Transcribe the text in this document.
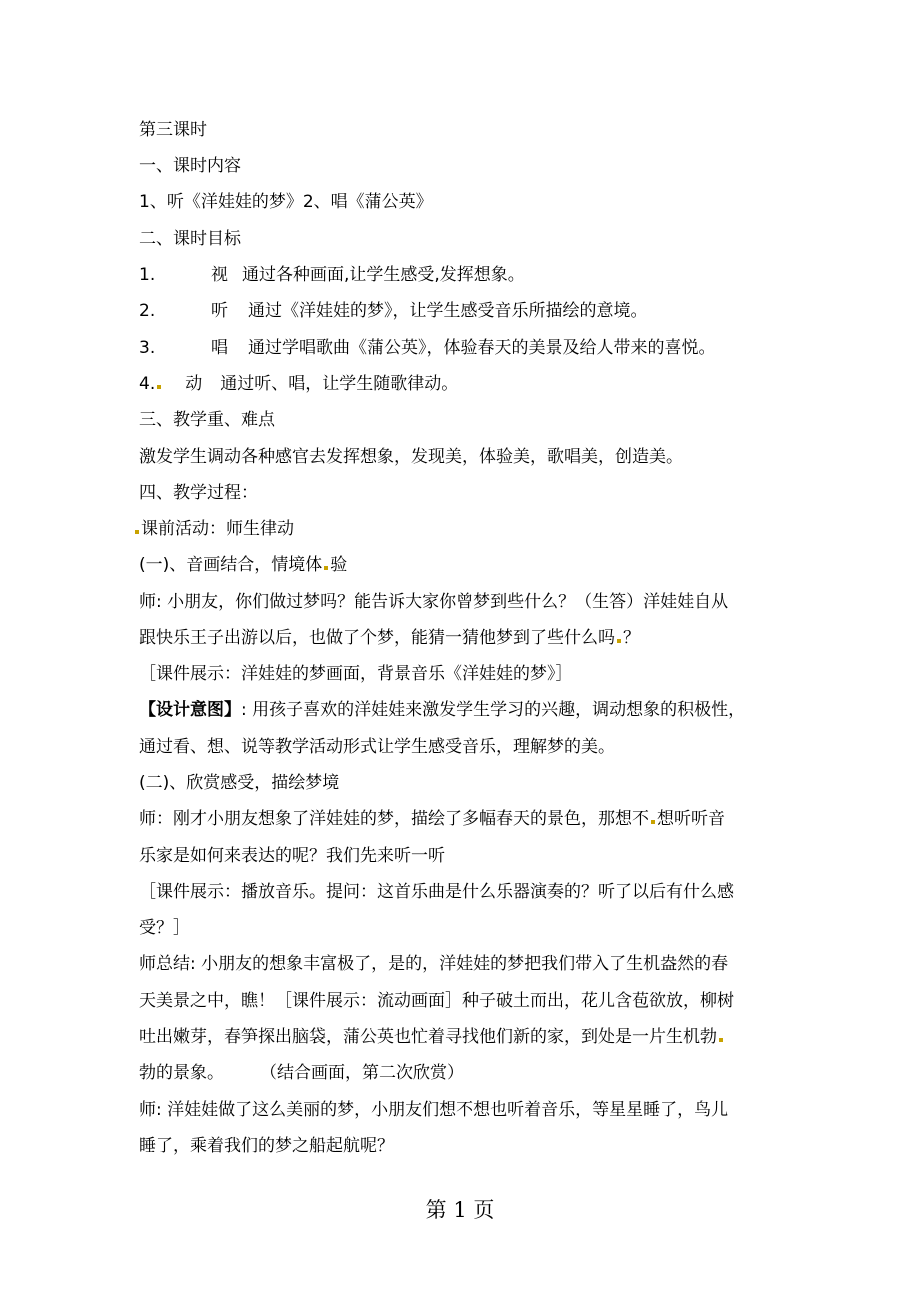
第三课时
一、课时内容
1、听《洋娃娃的梦》2、唱《蒲公英》
二、课时目标
1.	视 通过各种画面,让学生感受,发挥想象。
2.	听 通过《洋娃娃的梦》，让学生感受音乐所描绘的意境。
3.	唱 通过学唱歌曲《蒲公英》，体验春天的美景及给人带来的喜悦。
4. 动 通过听、唱，让学生随歌律动。
三、教学重、难点
激发学生调动各种感官去发挥想象，发现美，体验美，歌唱美，创造美。
四、教学过程：
课前活动：师生律动
(一)、音画结合，情境体 验
师: 小朋友，你们做过梦吗？能告诉大家你曾梦到些什么？（生答）洋娃娃自从
跟快乐王子出游以后，也做了个梦，能猜一猜他梦到了些什么吗 ？
［课件展示：洋娃娃的梦画面，背景音乐《洋娃娃的梦》］
【设计意图】: 用孩子喜欢的洋娃娃来激发学生学习的兴趣，调动想象的积极性，
通过看、想、说等教学活动形式让学生感受音乐，理解梦的美。
(二)、欣赏感受，描绘梦境
师：刚才小朋友想象了洋娃娃的梦，描绘了多幅春天的景色，那想不 想听听音
乐家是如何来表达的呢？我们先来听一听
［课件展示：播放音乐。提问：这首乐曲是什么乐器演奏的？听了以后有什么感
受？］
师总结: 小朋友的想象丰富极了，是的，洋娃娃的梦把我们带入了生机盎然的春
天美景之中，瞧！［课件展示：流动画面］种子破土而出，花儿含苞欲放，柳树
吐出嫩芽，春笋探出脑袋，蒲公英也忙着寻找他们新的家，到处是一片生机勃
勃的景象。 （结合画面，第二次欣赏）
师: 洋娃娃做了这么美丽的梦，小朋友们想不想也听着音乐，等星星睡了，鸟儿
睡了，乘着我们的梦之船起航呢？
第 1 页
